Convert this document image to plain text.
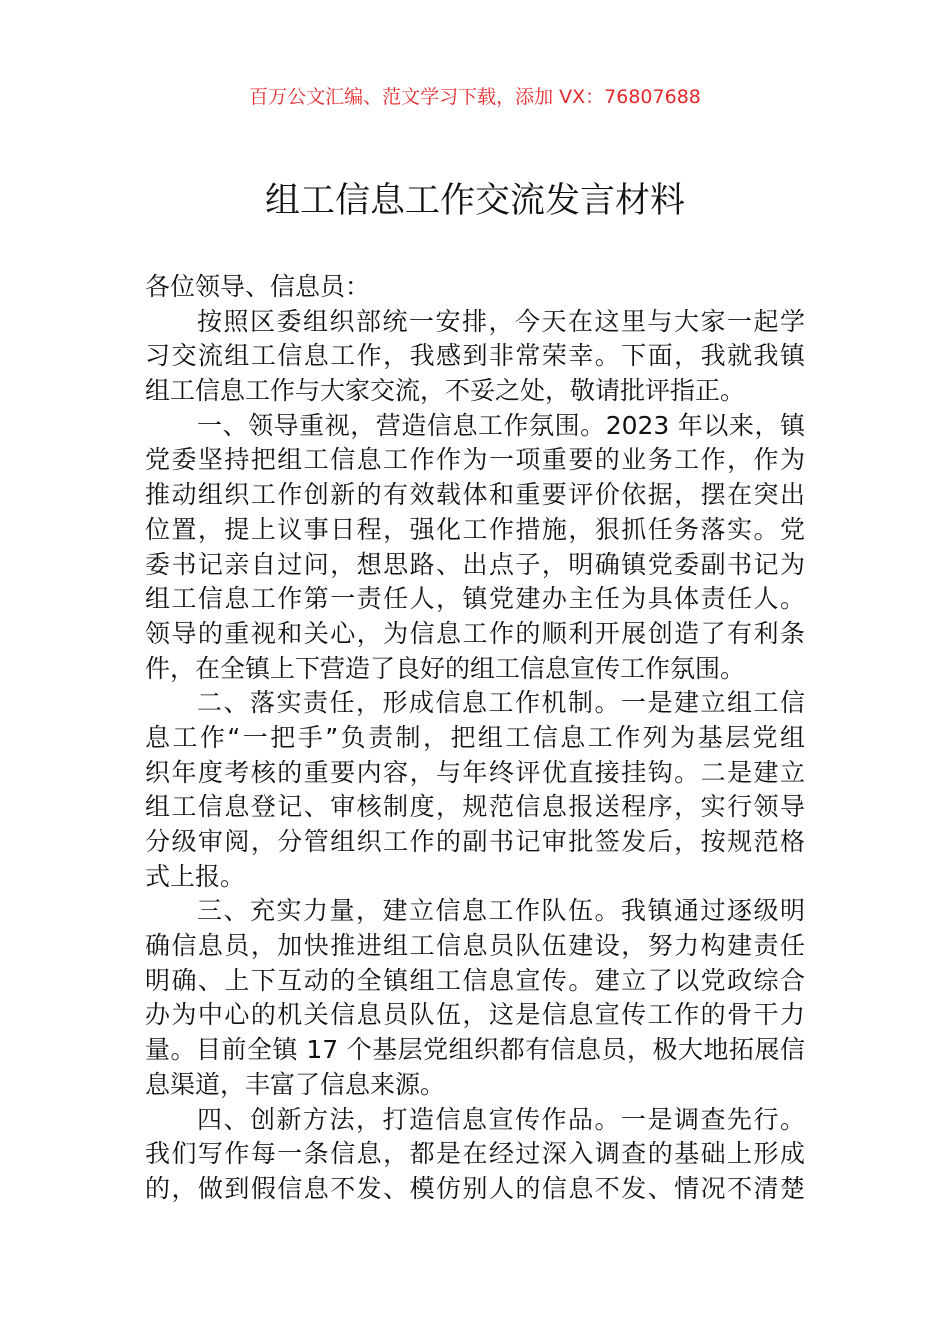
百万公文汇编、范文学习下载，添加 VX：76807688
组工信息工作交流发言材料
各位领导、信息员：
按照区委组织部统一安排，今天在这里与大家一起学
习交流组工信息工作，我感到非常荣幸。下面，我就我镇
组工信息工作与大家交流，不妥之处，敬请批评指正。
一、领导重视，营造信息工作氛围。2023 年以来，镇
党委坚持把组工信息工作作为一项重要的业务工作，作为
推动组织工作创新的有效载体和重要评价依据，摆在突出
位置，提上议事日程，强化工作措施，狠抓任务落实。党
委书记亲自过问，想思路、出点子，明确镇党委副书记为
组工信息工作第一责任人，镇党建办主任为具体责任人。
领导的重视和关心，为信息工作的顺利开展创造了有利条
件，在全镇上下营造了良好的组工信息宣传工作氛围。
二、落实责任，形成信息工作机制。一是建立组工信
息工作“一把手”负责制，把组工信息工作列为基层党组
织年度考核的重要内容，与年终评优直接挂钩。二是建立
组工信息登记、审核制度，规范信息报送程序，实行领导
分级审阅，分管组织工作的副书记审批签发后，按规范格
式上报。
三、充实力量，建立信息工作队伍。我镇通过逐级明
确信息员，加快推进组工信息员队伍建设，努力构建责任
明确、上下互动的全镇组工信息宣传。建立了以党政综合
办为中心的机关信息员队伍，这是信息宣传工作的骨干力
量。目前全镇 17 个基层党组织都有信息员，极大地拓展信
息渠道，丰富了信息来源。
四、创新方法，打造信息宣传作品。一是调查先行。
我们写作每一条信息，都是在经过深入调查的基础上形成
的，做到假信息不发、模仿别人的信息不发、情况不清楚
